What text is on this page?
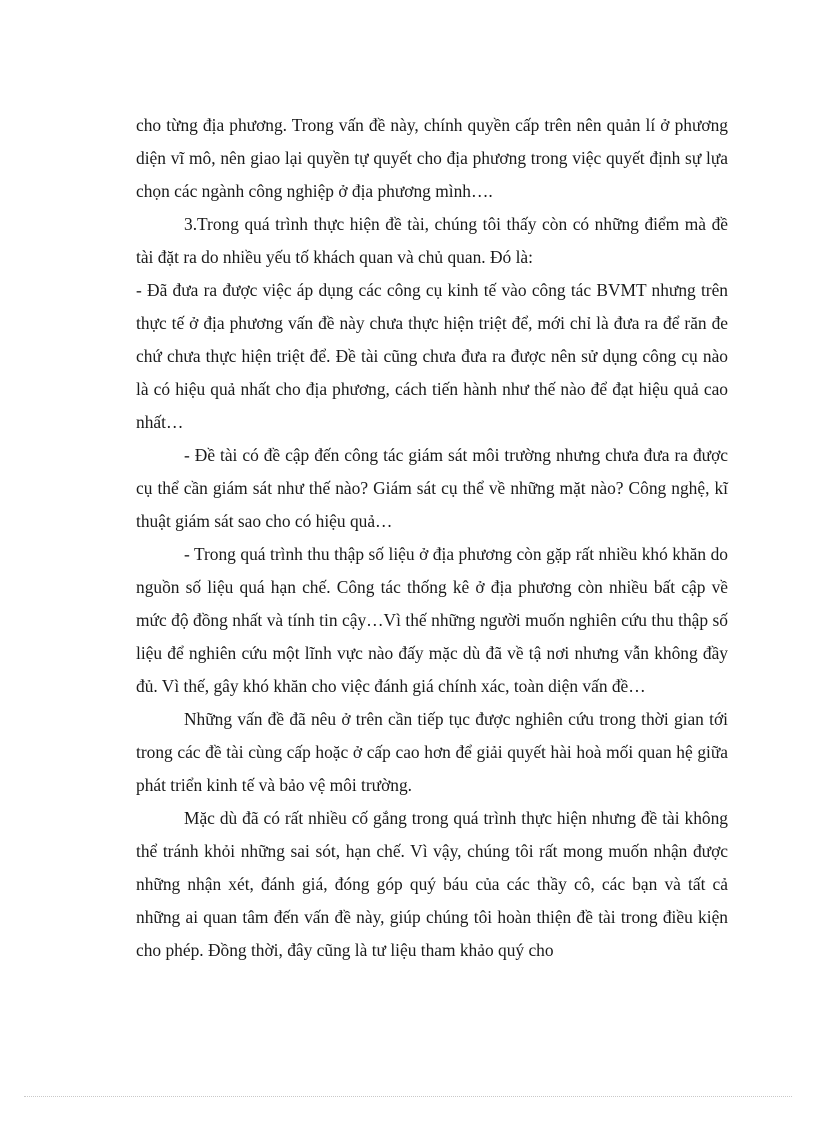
cho từng địa phương. Trong vấn đề này, chính quyền cấp trên nên quản lí ở phương diện vĩ mô, nên giao lại quyền tự quyết cho địa phương trong việc quyết định sự lựa chọn các ngành công nghiệp ở địa phương mình….

3.Trong quá trình thực hiện đề tài, chúng tôi thấy còn có những điểm mà đề tài đặt ra do nhiều yếu tố khách quan và chủ quan. Đó là:

- Đã đưa ra được việc áp dụng các công cụ kinh tế vào công tác BVMT nhưng trên thực tế ở địa phương vấn đề này chưa thực hiện triệt để, mới chỉ là đưa ra để răn đe chứ chưa thực hiện triệt để. Đề tài cũng chưa đưa ra được nên sử dụng công cụ nào là có hiệu quả nhất cho địa phương, cách tiến hành như thế nào để đạt hiệu quả cao nhất…

- Đề tài có đề cập đến công tác giám sát môi trường nhưng chưa đưa ra được cụ thể cần giám sát như thế nào? Giám sát cụ thể về những mặt nào? Công nghệ, kĩ thuật giám sát sao cho có hiệu quả…

- Trong quá trình thu thập số liệu ở địa phương còn gặp rất nhiều khó khăn do nguồn số liệu quá hạn chế. Công tác thống kê ở địa phương còn nhiều bất cập về mức độ đồng nhất và tính tin cậy…Vì thế những người muốn nghiên cứu thu thập số liệu để nghiên cứu một lĩnh vực nào đấy mặc dù đã về tậ nơi nhưng vẫn không đầy đủ. Vì thế, gây khó khăn cho việc đánh giá chính xác, toàn diện vấn đề…

Những vấn đề đã nêu ở trên cần tiếp tục được nghiên cứu trong thời gian tới trong các đề tài cùng cấp hoặc ở cấp cao hơn để giải quyết hài hoà mối quan hệ giữa phát triển kinh tế và bảo vệ môi trường.

Mặc dù đã có rất nhiều cố gắng trong quá trình thực hiện nhưng đề tài không thể tránh khỏi những sai sót, hạn chế. Vì vậy, chúng tôi rất mong muốn nhận được những nhận xét, đánh giá, đóng góp quý báu của các thầy cô, các bạn và tất cả những ai quan tâm đến vấn đề này, giúp chúng tôi hoàn thiện đề tài trong điều kiện cho phép. Đồng thời, đây cũng là tư liệu tham khảo quý cho
